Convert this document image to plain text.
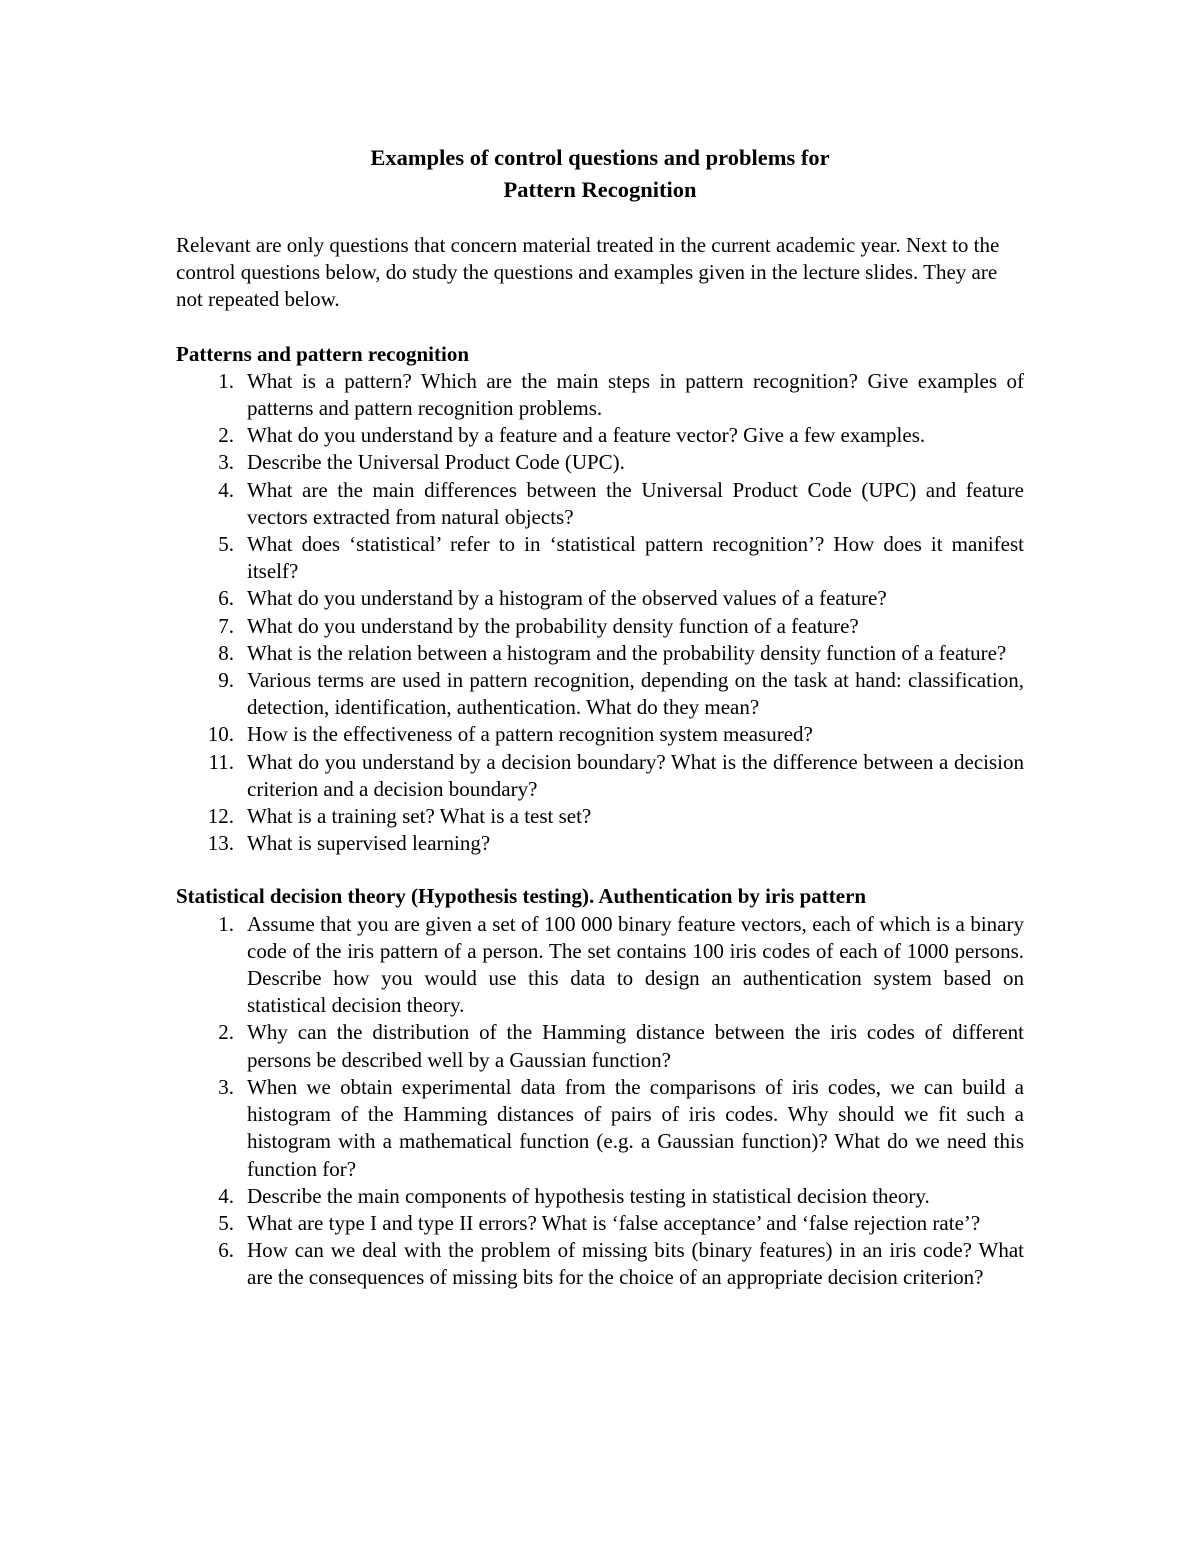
Examples of control questions and problems for
Pattern Recognition

Relevant are only questions that concern material treated in the current academic year. Next to the control questions below, do study the questions and examples given in the lecture slides. They are not repeated below.

Patterns and pattern recognition

1. What is a pattern? Which are the main steps in pattern recognition? Give examples of patterns and pattern recognition problems.
2. What do you understand by a feature and a feature vector? Give a few examples.
3. Describe the Universal Product Code (UPC).
4. What are the main differences between the Universal Product Code (UPC) and feature vectors extracted from natural objects?
5. What does ‘statistical’ refer to in ‘statistical pattern recognition’? How does it manifest itself?
6. What do you understand by a histogram of the observed values of a feature?
7. What do you understand by the probability density function of a feature?
8. What is the relation between a histogram and the probability density function of a feature?
9. Various terms are used in pattern recognition, depending on the task at hand: classification, detection, identification, authentication. What do they mean?
10. How is the effectiveness of a pattern recognition system measured?
11. What do you understand by a decision boundary? What is the difference between a decision criterion and a decision boundary?
12. What is a training set? What is a test set?
13. What is supervised learning?

Statistical decision theory (Hypothesis testing). Authentication by iris pattern

1. Assume that you are given a set of 100 000 binary feature vectors, each of which is a binary code of the iris pattern of a person. The set contains 100 iris codes of each of 1000 persons. Describe how you would use this data to design an authentication system based on statistical decision theory.
2. Why can the distribution of the Hamming distance between the iris codes of different persons be described well by a Gaussian function?
3. When we obtain experimental data from the comparisons of iris codes, we can build a histogram of the Hamming distances of pairs of iris codes. Why should we fit such a histogram with a mathematical function (e.g. a Gaussian function)? What do we need this function for?
4. Describe the main components of hypothesis testing in statistical decision theory.
5. What are type I and type II errors? What is ‘false acceptance’ and ‘false rejection rate’?
6. How can we deal with the problem of missing bits (binary features) in an iris code? What are the consequences of missing bits for the choice of an appropriate decision criterion?
